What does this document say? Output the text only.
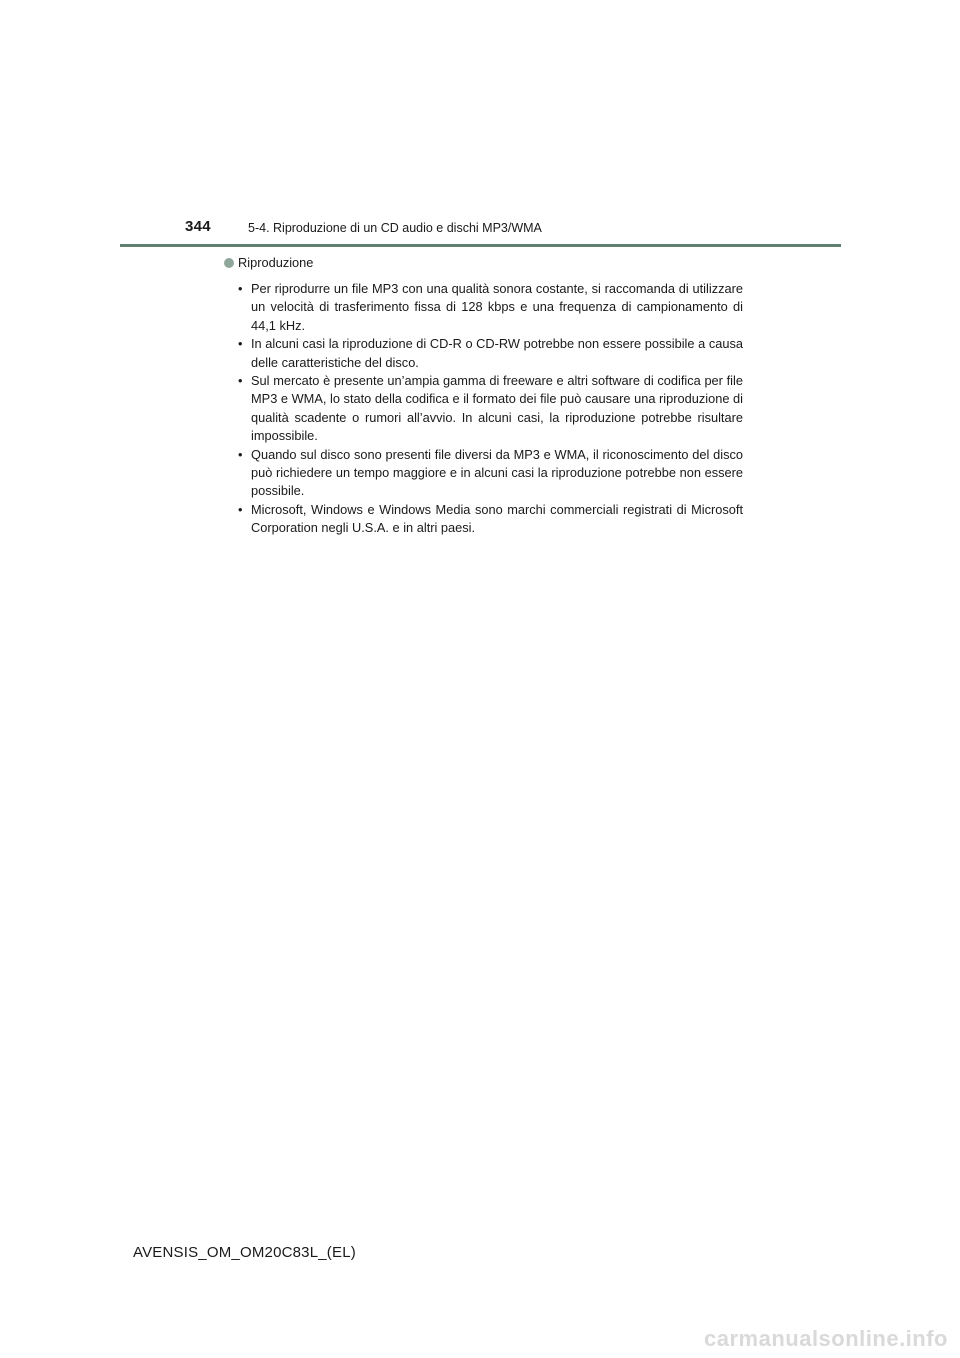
344	5-4. Riproduzione di un CD audio e dischi MP3/WMA
Riproduzione
• Per riprodurre un file MP3 con una qualità sonora costante, si raccomanda di utilizzare un velocità di trasferimento fissa di 128 kbps e una frequenza di campionamento di 44,1 kHz.
• In alcuni casi la riproduzione di CD-R o CD-RW potrebbe non essere possibile a causa delle caratteristiche del disco.
• Sul mercato è presente un’ampia gamma di freeware e altri software di codifica per file MP3 e WMA, lo stato della codifica e il formato dei file può causare una riproduzione di qualità scadente o rumori all’avvio. In alcuni casi, la riproduzione potrebbe risultare impossibile.
• Quando sul disco sono presenti file diversi da MP3 e WMA, il riconoscimento del disco può richiedere un tempo maggiore e in alcuni casi la riproduzione potrebbe non essere possibile.
• Microsoft, Windows e Windows Media sono marchi commerciali registrati di Microsoft Corporation negli U.S.A. e in altri paesi.
AVENSIS_OM_OM20C83L_(EL)
carmanualsonline.info
